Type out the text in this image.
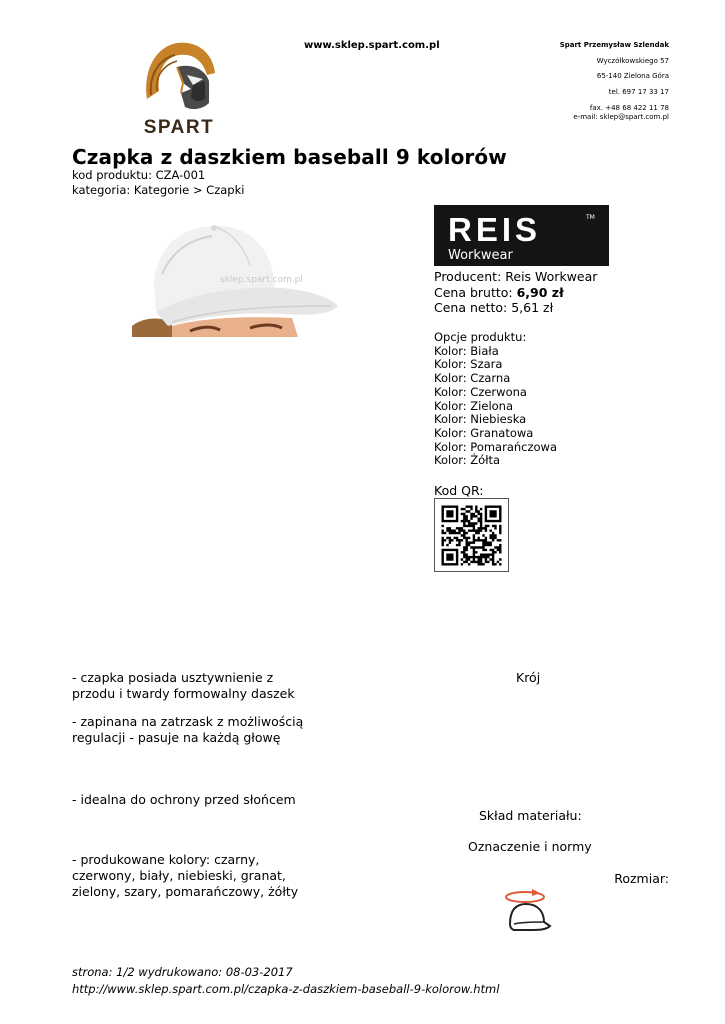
SPART
www.sklep.spart.com.pl	Spart Przemysław Szlendak
Wyczółkowskiego 57
65-140 Zielona Góra
tel. 697 17 33 17
fax. +48 68 422 11 78
e-mail: sklep@spart.com.pl
Czapka z daszkiem baseball 9 kolorów
kod produktu: CZA-001
kategoria: Kategorie > Czapki
sklep.spart.com.pl
REIS	TM
Workwear
Producent: Reis Workwear
Cena brutto: 6,90 zł
Cena netto: 5,61 zł
Opcje produktu:
Kolor: Biała
Kolor: Szara
Kolor: Czarna
Kolor: Czerwona
Kolor: Zielona
Kolor: Niebieska
Kolor: Granatowa
Kolor: Pomarańczowa
Kolor: Żółta
Kod QR:

- czapka posiada usztywnienie z

przodu i twardy formowalny daszek

- zapinana na zatrzask z możliwością

regulacji - pasuje na każdą głowę

- idealna do ochrony przed słońcem

- produkowane kolory: czarny,

czerwony, biały, niebieski, granat,

zielony, szary, pomarańczowy, żółty

Krój
Skład materiału:
Oznaczenie i normy
Rozmiar:
strona: 1/2 wydrukowano: 08-03-2017
http://www.sklep.spart.com.pl/czapka-z-daszkiem-baseball-9-kolorow.html
